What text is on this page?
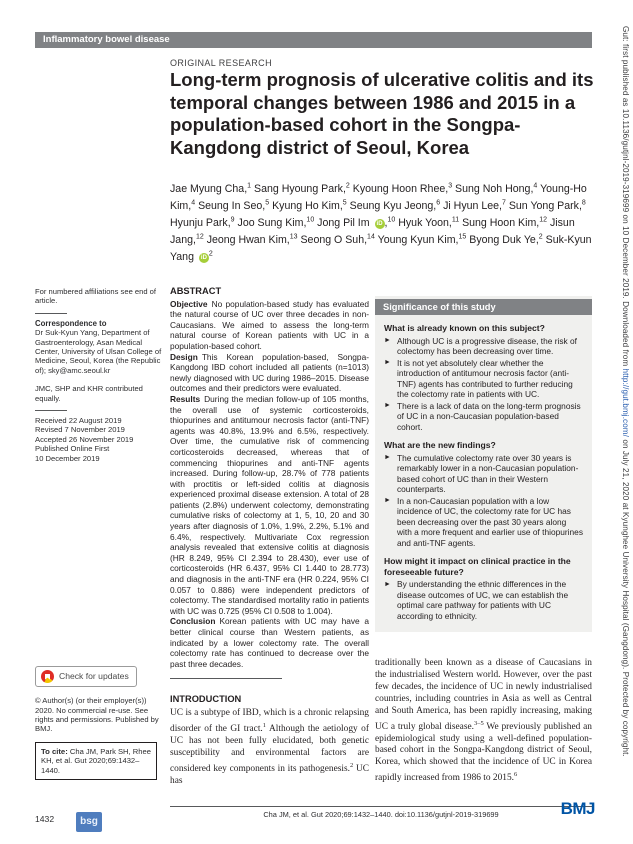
Inflammatory bowel disease	Gut: first published as 10.1136/gutjnl-2019-319699 on 10 December 2019. Downloaded from http://gut.bmj.com/ on July 21, 2020 at Kyunghee University Hospital (Gangdong). Protected by copyright.
ORIGINAL RESEARCH
Long-term prognosis of ulcerative colitis and its temporal changes between 1986 and 2015 in a population-based cohort in the Songpa-Kangdong district of Seoul, Korea
Jae Myung Cha,$^1$ Sang Hyoung Park,$^2$ Kyoung Hoon Rhee,$^3$ Sung Noh Hong,$^4$ Young-Ho Kim,$^4$ Seung In Seo,$^5$ Kyung Ho Kim,$^5$ Seung Kyu Jeong,$^6$ Ji Hyun Lee,$^7$ Sun Yong Park,$^8$ Hyunju Park,$^9$ Joo Sung Kim,$^{10}$ Jong Pil Im iD ,$^{10}$ Hyuk Yoon,$^{11}$ Sung Hoon Kim,$^{12}$ Jisun Jang,$^{12}$ Jeong Hwan Kim,$^{13}$ Seong O Suh,$^{14}$ Young Kyun Kim,$^{15}$ Byong Duk Ye,$^2$ Suk-Kyun Yang $iD^2$
For numbered affiliations see end of article.
Correspondence to
Dr Suk-Kyun Yang, Department of Gastroenterology, Asan Medical Center, University of Ulsan College of Medicine, Seoul, Korea (the Republic of); sky@amc.seoul.kr
JMC, SHP and KHR contributed equally.
Received 22 August 2019
Revised 7 November 2019
Accepted 26 November 2019
Published Online First
10 December 2019
Check for updates
© Author(s) (or their employer(s)) 2020. No commercial re-use. See rights and permissions. Published by BMJ.
To cite: Cha JM, Park SH, Rhee KH, et al. Gut 2020;69:1432–1440.
ABSTRACT

Objective No population-based study has evaluated the natural course of UC over three decades in non-Caucasians. We aimed to assess the long-term natural course of Korean patients with UC in a population-based cohort.

Design This Korean population-based, Songpa-Kangdong IBD cohort included all patients (n=1013) newly diagnosed with UC during 1986–2015. Disease outcomes and their predictors were evaluated.

Results During the median follow-up of 105 months, the overall use of systemic corticosteroids, thiopurines and antitumour necrosis factor (anti-TNF) agents was 40.8%, 13.9% and 6.5%, respectively. Over time, the cumulative risk of commencing corticosteroids decreased, whereas that of commencing thiopurines and anti-TNF agents increased. During follow-up, 28.7% of 778 patients with proctitis or left-sided colitis at diagnosis experienced proximal disease extension. A total of 28 patients (2.8%) underwent colectomy, demonstrating cumulative risks of colectomy at 1, 5, 10, 20 and 30 years after diagnosis of 1.0%, 1.9%, 2.2%, 5.1% and 6.4%, respectively. Multivariate Cox regression analysis revealed that extensive colitis at diagnosis (HR 8.249, 95% CI 2.394 to 28.430), ever use of corticosteroids (HR 6.437, 95% CI 1.440 to 28.773) and diagnosis in the anti-TNF era (HR 0.224, 95% CI 0.057 to 0.886) were independent predictors of colectomy. The standardised mortality ratio in patients with UC was 0.725 (95% CI 0.508 to 1.004).

Conclusion Korean patients with UC may have a better clinical course than Western patients, as indicated by a lower colectomy rate. The overall colectomy rate has continued to decrease over the past three decades.

INTRODUCTION

UC is a subtype of IBD, which is a chronic relapsing disorder of the GI tract.$^1$ Although the aetiology of UC has not been fully elucidated, both genetic susceptibility and environmental factors are considered key components in its pathogenesis.$^2$ UC has

Significance of this study
What is already known on this subject?
► Although UC is a progressive disease, the risk of colectomy has been decreasing over time.
► It is not yet absolutely clear whether the introduction of antitumour necrosis factor (anti-TNF) agents has contributed to further reducing the colectomy rate in patients with UC.
► There is a lack of data on the long-term prognosis of UC in a non-Caucasian population-based cohort.
What are the new findings?
► The cumulative colectomy rate over 30 years is remarkably lower in a non-Caucasian population-based cohort of UC than in their Western counterparts.
► In a non-Caucasian population with a low incidence of UC, the colectomy rate for UC has been decreasing over the past 30 years along with a more frequent and earlier use of thiopurines and anti-TNF agents.
How might it impact on clinical practice in the foreseeable future?
► By understanding the ethnic differences in the disease outcomes of UC, we can establish the optimal care pathway for patients with UC according to ethnicity.

traditionally been known as a disease of Caucasians in the industrialised Western world. However, over the past few decades, the incidence of UC in newly industrialised countries, including countries in Asia as well as Central and South America, has been rapidly increasing, making UC a truly global disease.$^{3-5}$ We previously published an epidemiological study using a well-defined population-based cohort in the Songpa-Kangdong district of Seoul, Korea, which showed that the incidence of UC in Korea rapidly increased from 1986 to 2015.$^6$

1432	bsg
Cha JM, et al. Gut 2020;69:1432–1440. doi:10.1136/gutjnl-2019-319699	BMJ
